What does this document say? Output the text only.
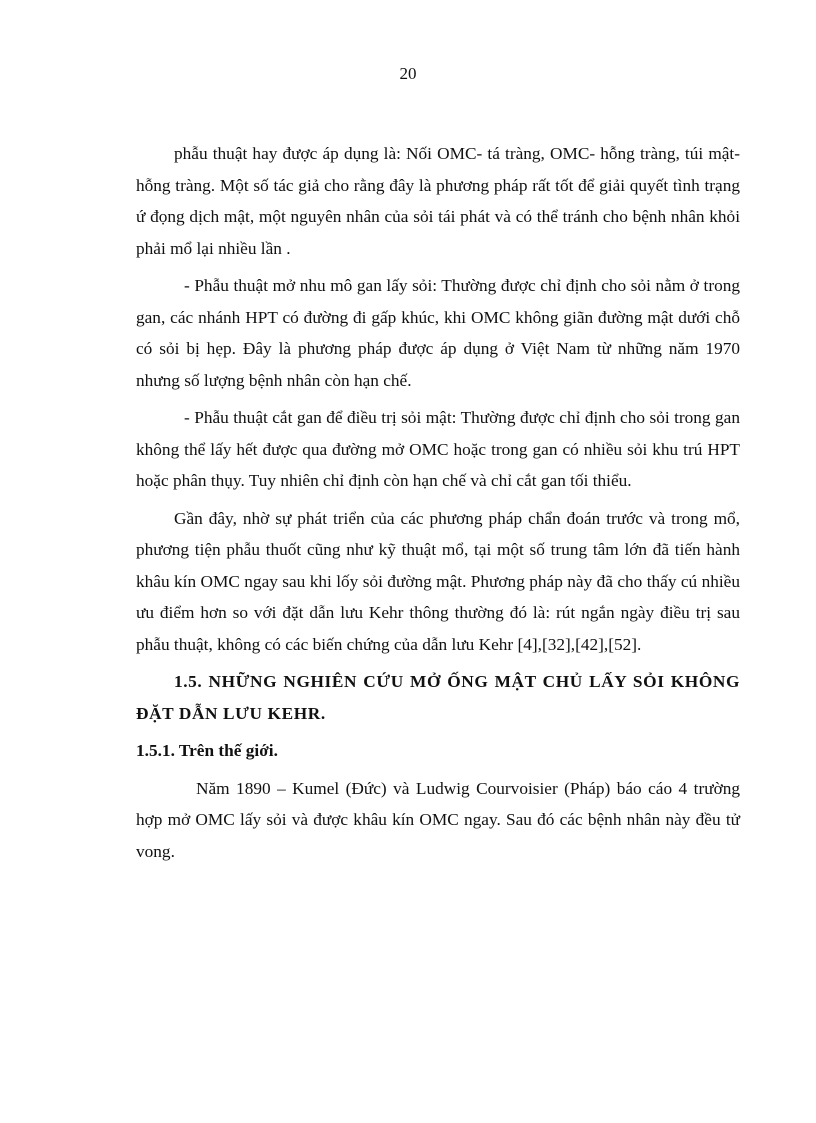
20

phẫu thuật hay được áp dụng là: Nối OMC- tá tràng, OMC- hỗng tràng, túi mật- hỗng tràng. Một số tác giả cho rằng đây là phương pháp rất tốt để giải quyết tình trạng ứ đọng dịch mật, một nguyên nhân của sỏi tái phát và có thể tránh cho bệnh nhân khỏi phải mổ lại nhiều lần .

- Phẫu thuật mở nhu mô gan lấy sỏi: Thường được chỉ định cho sỏi nằm ở trong gan, các nhánh HPT có đường đi gấp khúc, khi OMC không giãn đường mật dưới chỗ có sỏi bị hẹp. Đây là phương pháp được áp dụng ở Việt Nam từ những năm 1970 nhưng số lượng bệnh nhân còn hạn chế.

- Phẫu thuật cắt gan để điều trị sỏi mật: Thường được chỉ định cho sỏi trong gan không thể lấy hết được qua đường mở OMC hoặc trong gan có nhiều sỏi khu trú HPT hoặc phân thụy. Tuy nhiên chỉ định còn hạn chế và chỉ cắt gan tối thiểu.

Gần đây, nhờ sự phát triển của các phương pháp chẩn đoán trước và trong mổ, phương tiện phẫu thuốt cũng như kỹ thuật mổ, tại một số trung tâm lớn đã tiến hành khâu kín OMC ngay sau khi lốy sỏi đường mật. Phương pháp này đã cho thấy cú nhiều ưu điểm hơn so với đặt dẫn lưu Kehr thông thường đó là: rút ngắn ngày điều trị sau phẫu thuật, không có các biến chứng của dẫn lưu Kehr [4],[32],[42],[52].

1.5. NHỮNG NGHIÊN CỨU MỞ ỐNG MẬT CHỦ LẤY SỎI KHÔNG ĐẶT DẪN LƯU KEHR.
1.5.1. Trên thế giới.

Năm 1890 – Kumel (Đức) và Ludwig Courvoisier (Pháp) báo cáo 4 trường hợp mở OMC lấy sỏi và được khâu kín OMC ngay. Sau đó các bệnh nhân này đều tử vong.
